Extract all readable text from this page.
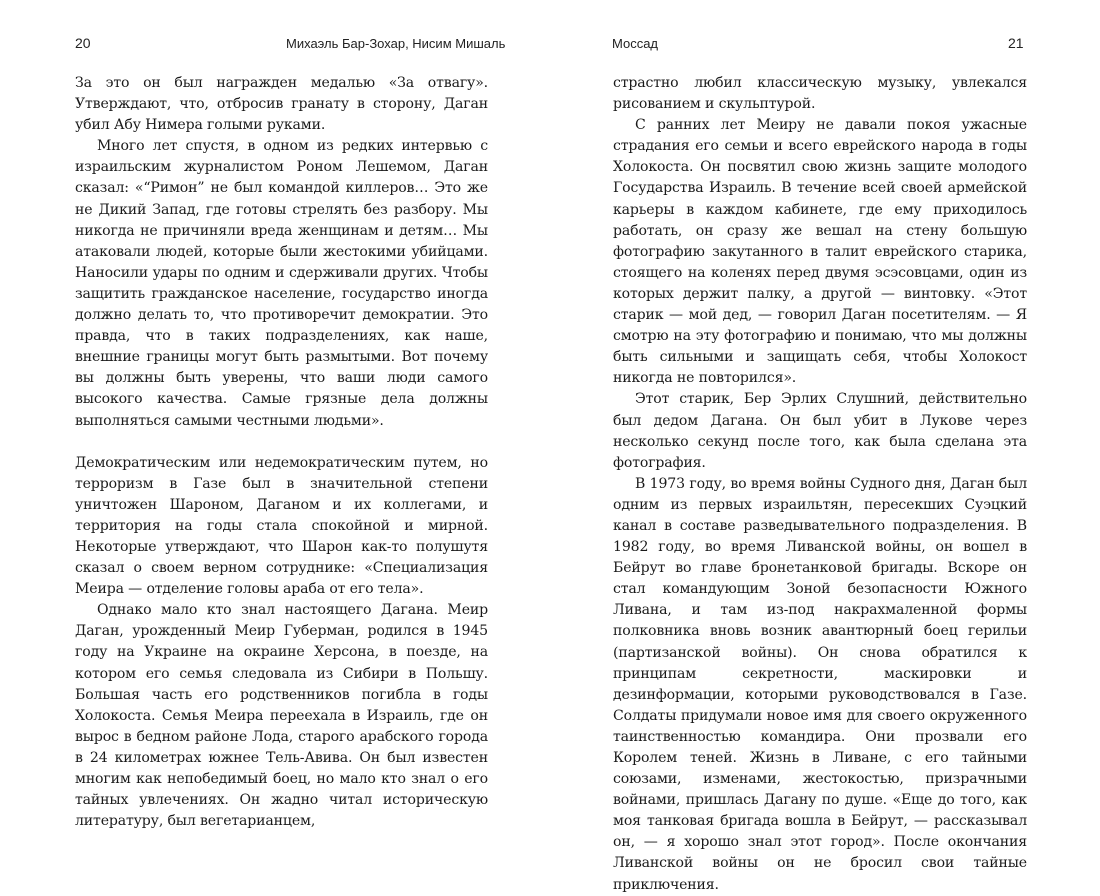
20	Михаэль Бар-Зохар, Нисим Мишаль

За это он был награжден медалью «За отвагу». Утверждают, что, отбросив гранату в сторону, Даган убил Абу Нимера голыми руками.

Много лет спустя, в одном из редких интервью с израильским журналистом Роном Лешемом, Даган сказал: «“Римон” не был командой киллеров… Это же не Дикий Запад, где готовы стрелять без разбору. Мы никогда не причиняли вреда женщинам и детям… Мы атаковали людей, которые были жестокими убийцами. Наносили удары по одним и сдерживали других. Чтобы защитить гражданское население, государство иногда должно делать то, что противоречит демократии. Это правда, что в таких подразделениях, как наше, внешние границы могут быть размытыми. Вот почему вы должны быть уверены, что ваши люди самого высокого качества. Самые грязные дела должны выполняться самыми честными людьми».

Демократическим или недемократическим путем, но терроризм в Газе был в значительной степени уничтожен Шароном, Даганом и их коллегами, и территория на годы стала спокойной и мирной. Некоторые утверждают, что Шарон как-то полушутя сказал о своем верном сотруднике: «Специализация Меира — отделение головы араба от его тела».

Однако мало кто знал настоящего Дагана. Меир Даган, урожденный Меир Губерман, родился в 1945 году на Украине на окраине Херсона, в поезде, на котором его семья следовала из Сибири в Польшу. Большая часть его родственников погибла в годы Холокоста. Семья Меира переехала в Израиль, где он вырос в бедном районе Лода, старого арабского города в 24 километрах южнее Тель-Авива. Он был известен многим как непобедимый боец, но мало кто знал о его тайных увлечениях. Он жадно читал историческую литературу, был вегетарианцем,

Моссад	21

страстно любил классическую музыку, увлекался рисованием и скульптурой.

С ранних лет Меиру не давали покоя ужасные страдания его семьи и всего еврейского народа в годы Холокоста. Он посвятил свою жизнь защите молодого Государства Израиль. В течение всей своей армейской карьеры в каждом кабинете, где ему приходилось работать, он сразу же вешал на стену большую фотографию закутанного в талит еврейского старика, стоящего на коленях перед двумя эсэсовцами, один из которых держит палку, а другой — винтовку. «Этот старик — мой дед, — говорил Даган посетителям. — Я смотрю на эту фотографию и понимаю, что мы должны быть сильными и защищать себя, чтобы Холокост никогда не повторился».

Этот старик, Бер Эрлих Слушний, действительно был дедом Дагана. Он был убит в Лукове через несколько секунд после того, как была сделана эта фотография.

В 1973 году, во время войны Судного дня, Даган был одним из первых израильтян, пересекших Суэцкий канал в составе разведывательного подразделения. В 1982 году, во время Ливанской войны, он вошел в Бейрут во главе бронетанковой бригады. Вскоре он стал командующим Зоной безопасности Южного Ливана, и там из-под накрахмаленной формы полковника вновь возник авантюрный боец герильи (партизанской войны). Он снова обратился к принципам секретности, маскировки и дезинформации, которыми руководствовался в Газе. Солдаты придумали новое имя для своего окруженного таинственностью командира. Они прозвали его Королем теней. Жизнь в Ливане, с его тайными союзами, изменами, жестокостью, призрачными войнами, пришлась Дагану по душе. «Еще до того, как моя танковая бригада вошла в Бейрут, — рассказывал он, — я хорошо знал этот город». После окончания Ливанской войны он не бросил свои тайные приключения.
